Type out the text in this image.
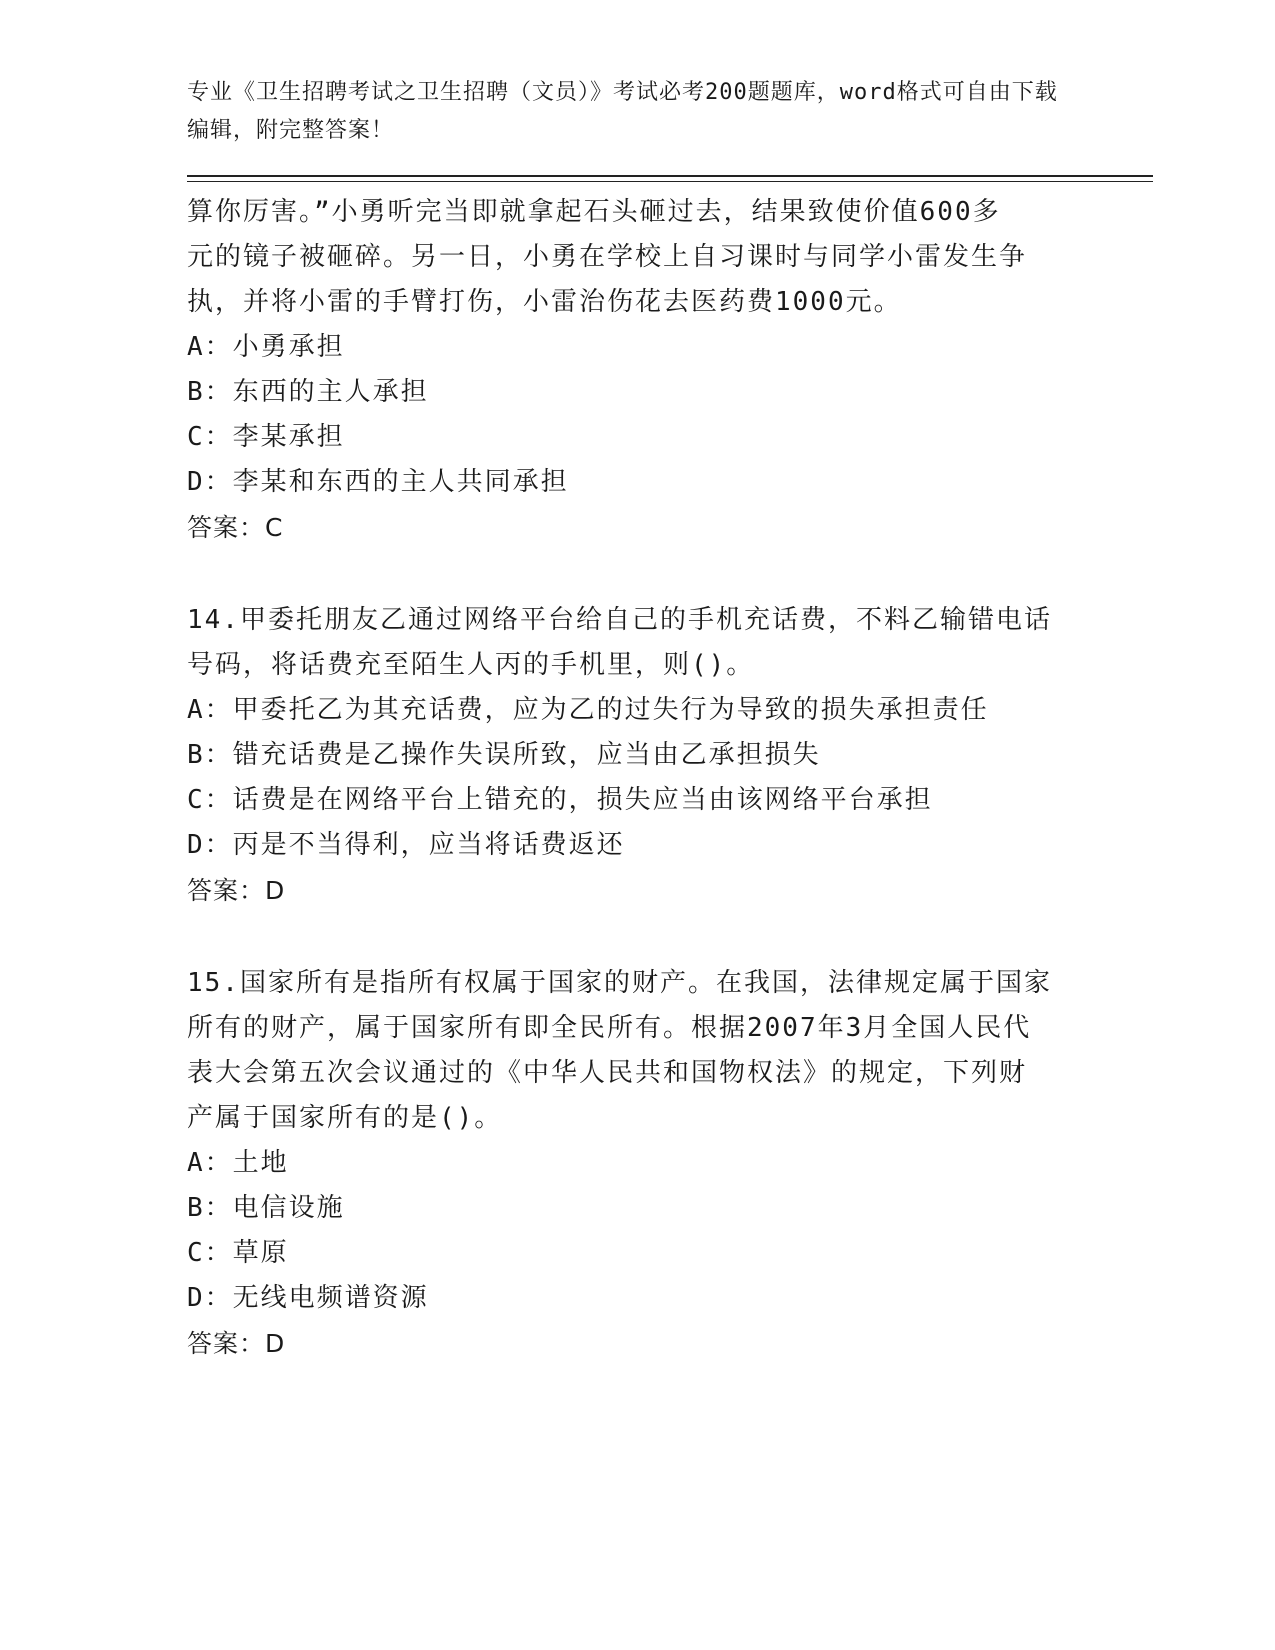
专业《卫生招聘考试之卫生招聘（文员）》考试必考200题题库，word格式可自由下载编辑，附完整答案！

算你厉害。”小勇听完当即就拿起石头砸过去，结果致使价值600多

元的镜子被砸碎。另一日，小勇在学校上自习课时与同学小雷发生争

执，并将小雷的手臂打伤，小雷治伤花去医药费1000元。

A：小勇承担

B：东西的主人承担

C：李某承担

D：李某和东西的主人共同承担

答案：C

14.甲委托朋友乙通过网络平台给自己的手机充话费，不料乙输错电话

号码，将话费充至陌生人丙的手机里，则()。

A：甲委托乙为其充话费，应为乙的过失行为导致的损失承担责任

B：错充话费是乙操作失误所致，应当由乙承担损失

C：话费是在网络平台上错充的，损失应当由该网络平台承担

D：丙是不当得利，应当将话费返还

答案：D

15.国家所有是指所有权属于国家的财产。在我国，法律规定属于国家

所有的财产，属于国家所有即全民所有。根据2007年3月全国人民代

表大会第五次会议通过的《中华人民共和国物权法》的规定，下列财

产属于国家所有的是()。

A：土地

B：电信设施

C：草原

D：无线电频谱资源

答案：D
